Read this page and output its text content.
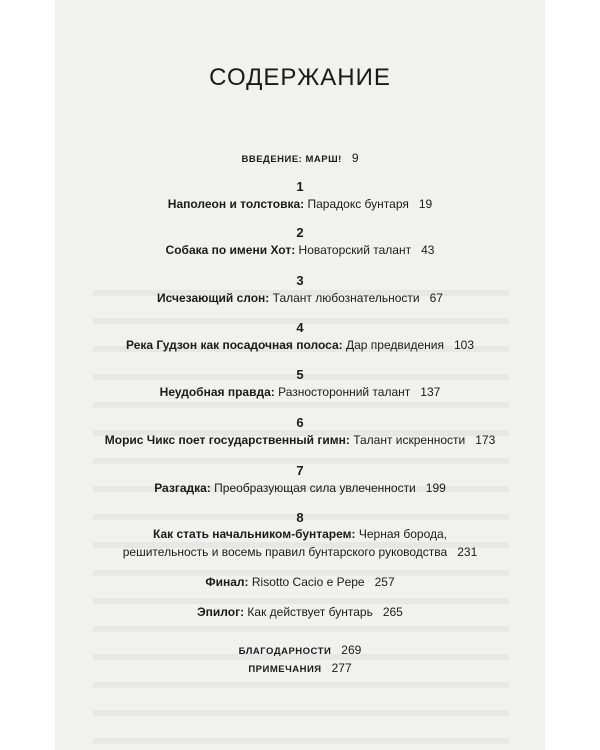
СОДЕРЖАНИЕ
ВВЕДЕНИЕ: МАРШ! 9
1
Наполеон и толстовка: Парадокс бунтаря 19
2
Собака по имени Хот: Новаторский талант 43
3
Исчезающий слон: Талант любознательности 67
4
Река Гудзон как посадочная полоса: Дар предвидения 103
5
Неудобная правда: Разносторонний талант 137
6
Морис Чикс поет государственный гимн: Талант искренности 173
7
Разгадка: Преобразующая сила увлеченности 199
8
Как стать начальником-бунтарем: Черная борода,
решительность и восемь правил бунтарского руководства 231
Финал: Risotto Cacio e Pepe 257
Эпилог: Как действует бунтарь 265
БЛАГОДАРНОСТИ 269
ПРИМЕЧАНИЯ 277
